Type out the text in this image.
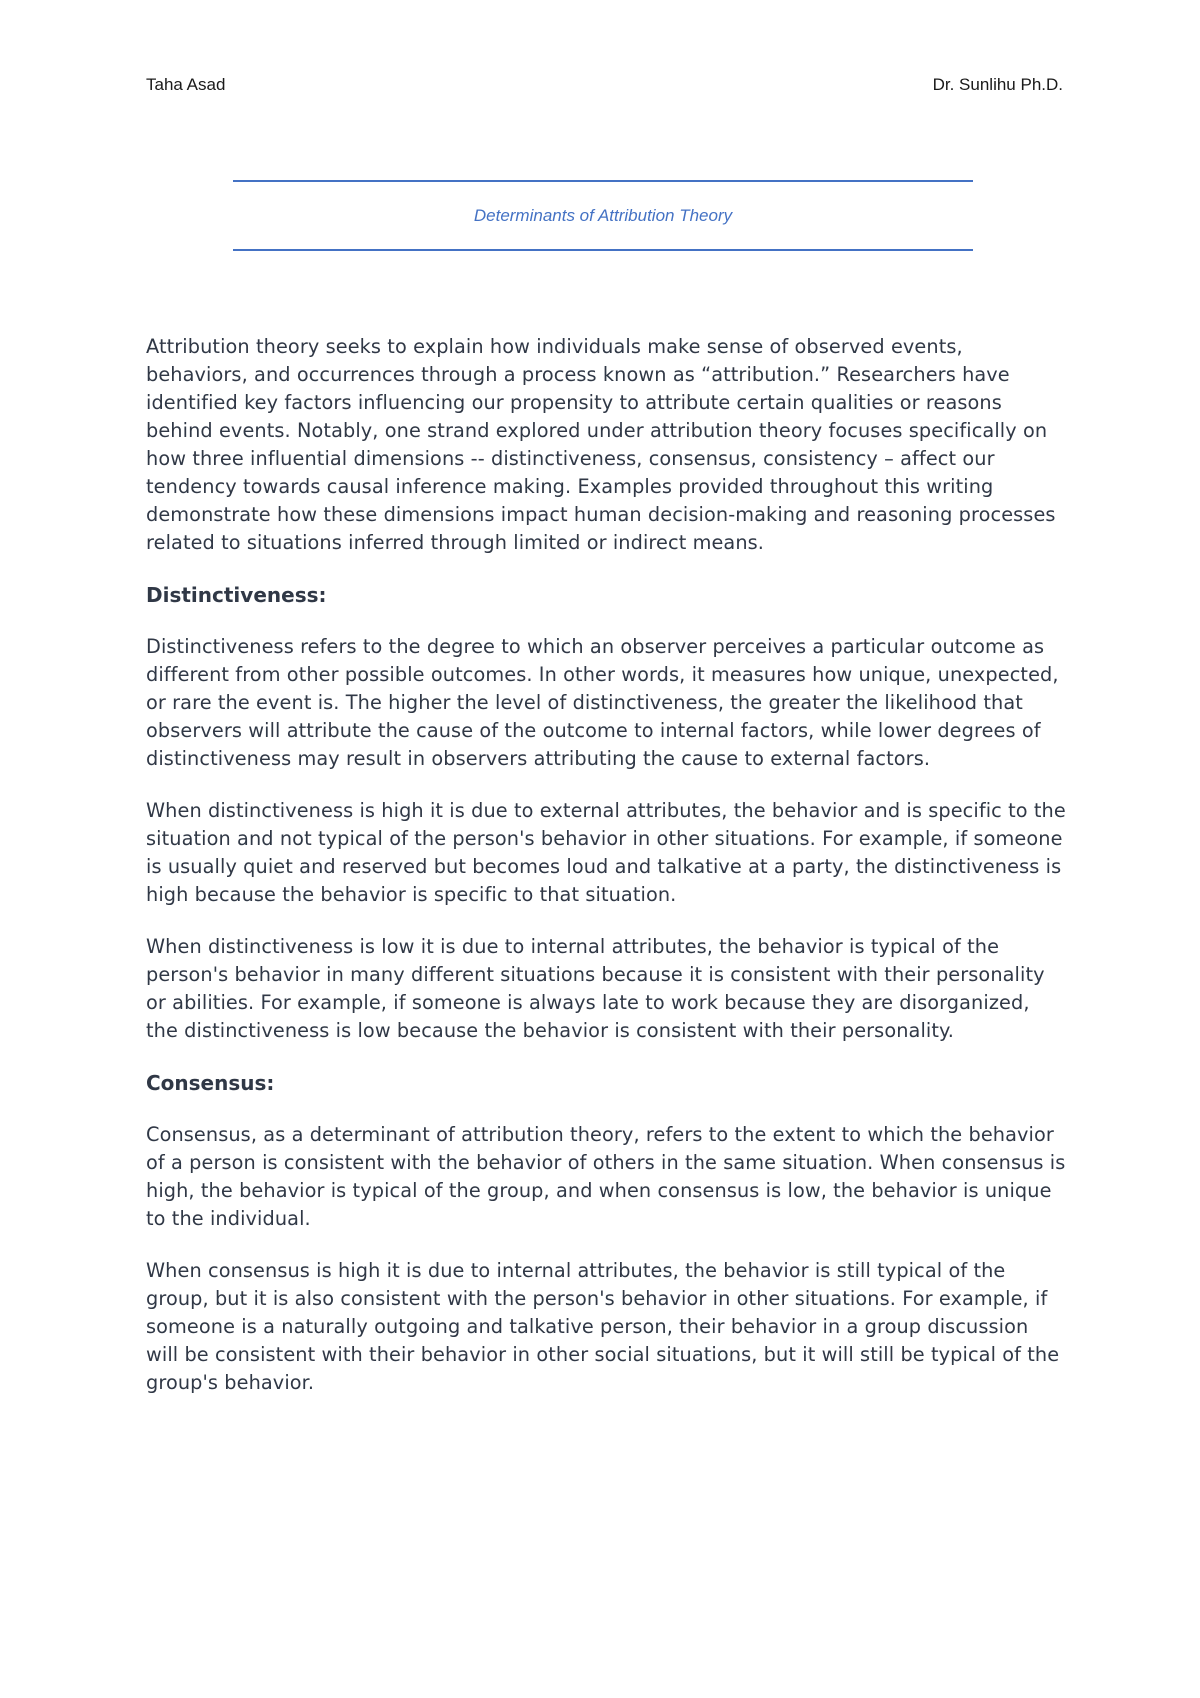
Taha Asad	Dr. Sunlihu Ph.D.
Determinants of Attribution Theory

Attribution theory seeks to explain how individuals make sense of observed events, behaviors, and occurrences through a process known as “attribution.” Researchers have identified key factors influencing our propensity to attribute certain qualities or reasons behind events. Notably, one strand explored under attribution theory focuses specifically on how three influential dimensions -- distinctiveness, consensus, consistency – affect our tendency towards causal inference making. Examples provided throughout this writing demonstrate how these dimensions impact human decision-making and reasoning processes related to situations inferred through limited or indirect means.

Distinctiveness:

Distinctiveness refers to the degree to which an observer perceives a particular outcome as different from other possible outcomes. In other words, it measures how unique, unexpected, or rare the event is. The higher the level of distinctiveness, the greater the likelihood that observers will attribute the cause of the outcome to internal factors, while lower degrees of distinctiveness may result in observers attributing the cause to external factors.

When distinctiveness is high it is due to external attributes, the behavior and is specific to the situation and not typical of the person's behavior in other situations. For example, if someone is usually quiet and reserved but becomes loud and talkative at a party, the distinctiveness is high because the behavior is specific to that situation.

When distinctiveness is low it is due to internal attributes, the behavior is typical of the person's behavior in many different situations because it is consistent with their personality or abilities. For example, if someone is always late to work because they are disorganized, the distinctiveness is low because the behavior is consistent with their personality.

Consensus:

Consensus, as a determinant of attribution theory, refers to the extent to which the behavior of a person is consistent with the behavior of others in the same situation. When consensus is high, the behavior is typical of the group, and when consensus is low, the behavior is unique to the individual.

When consensus is high it is due to internal attributes, the behavior is still typical of the group, but it is also consistent with the person's behavior in other situations. For example, if someone is a naturally outgoing and talkative person, their behavior in a group discussion will be consistent with their behavior in other social situations, but it will still be typical of the group's behavior.
